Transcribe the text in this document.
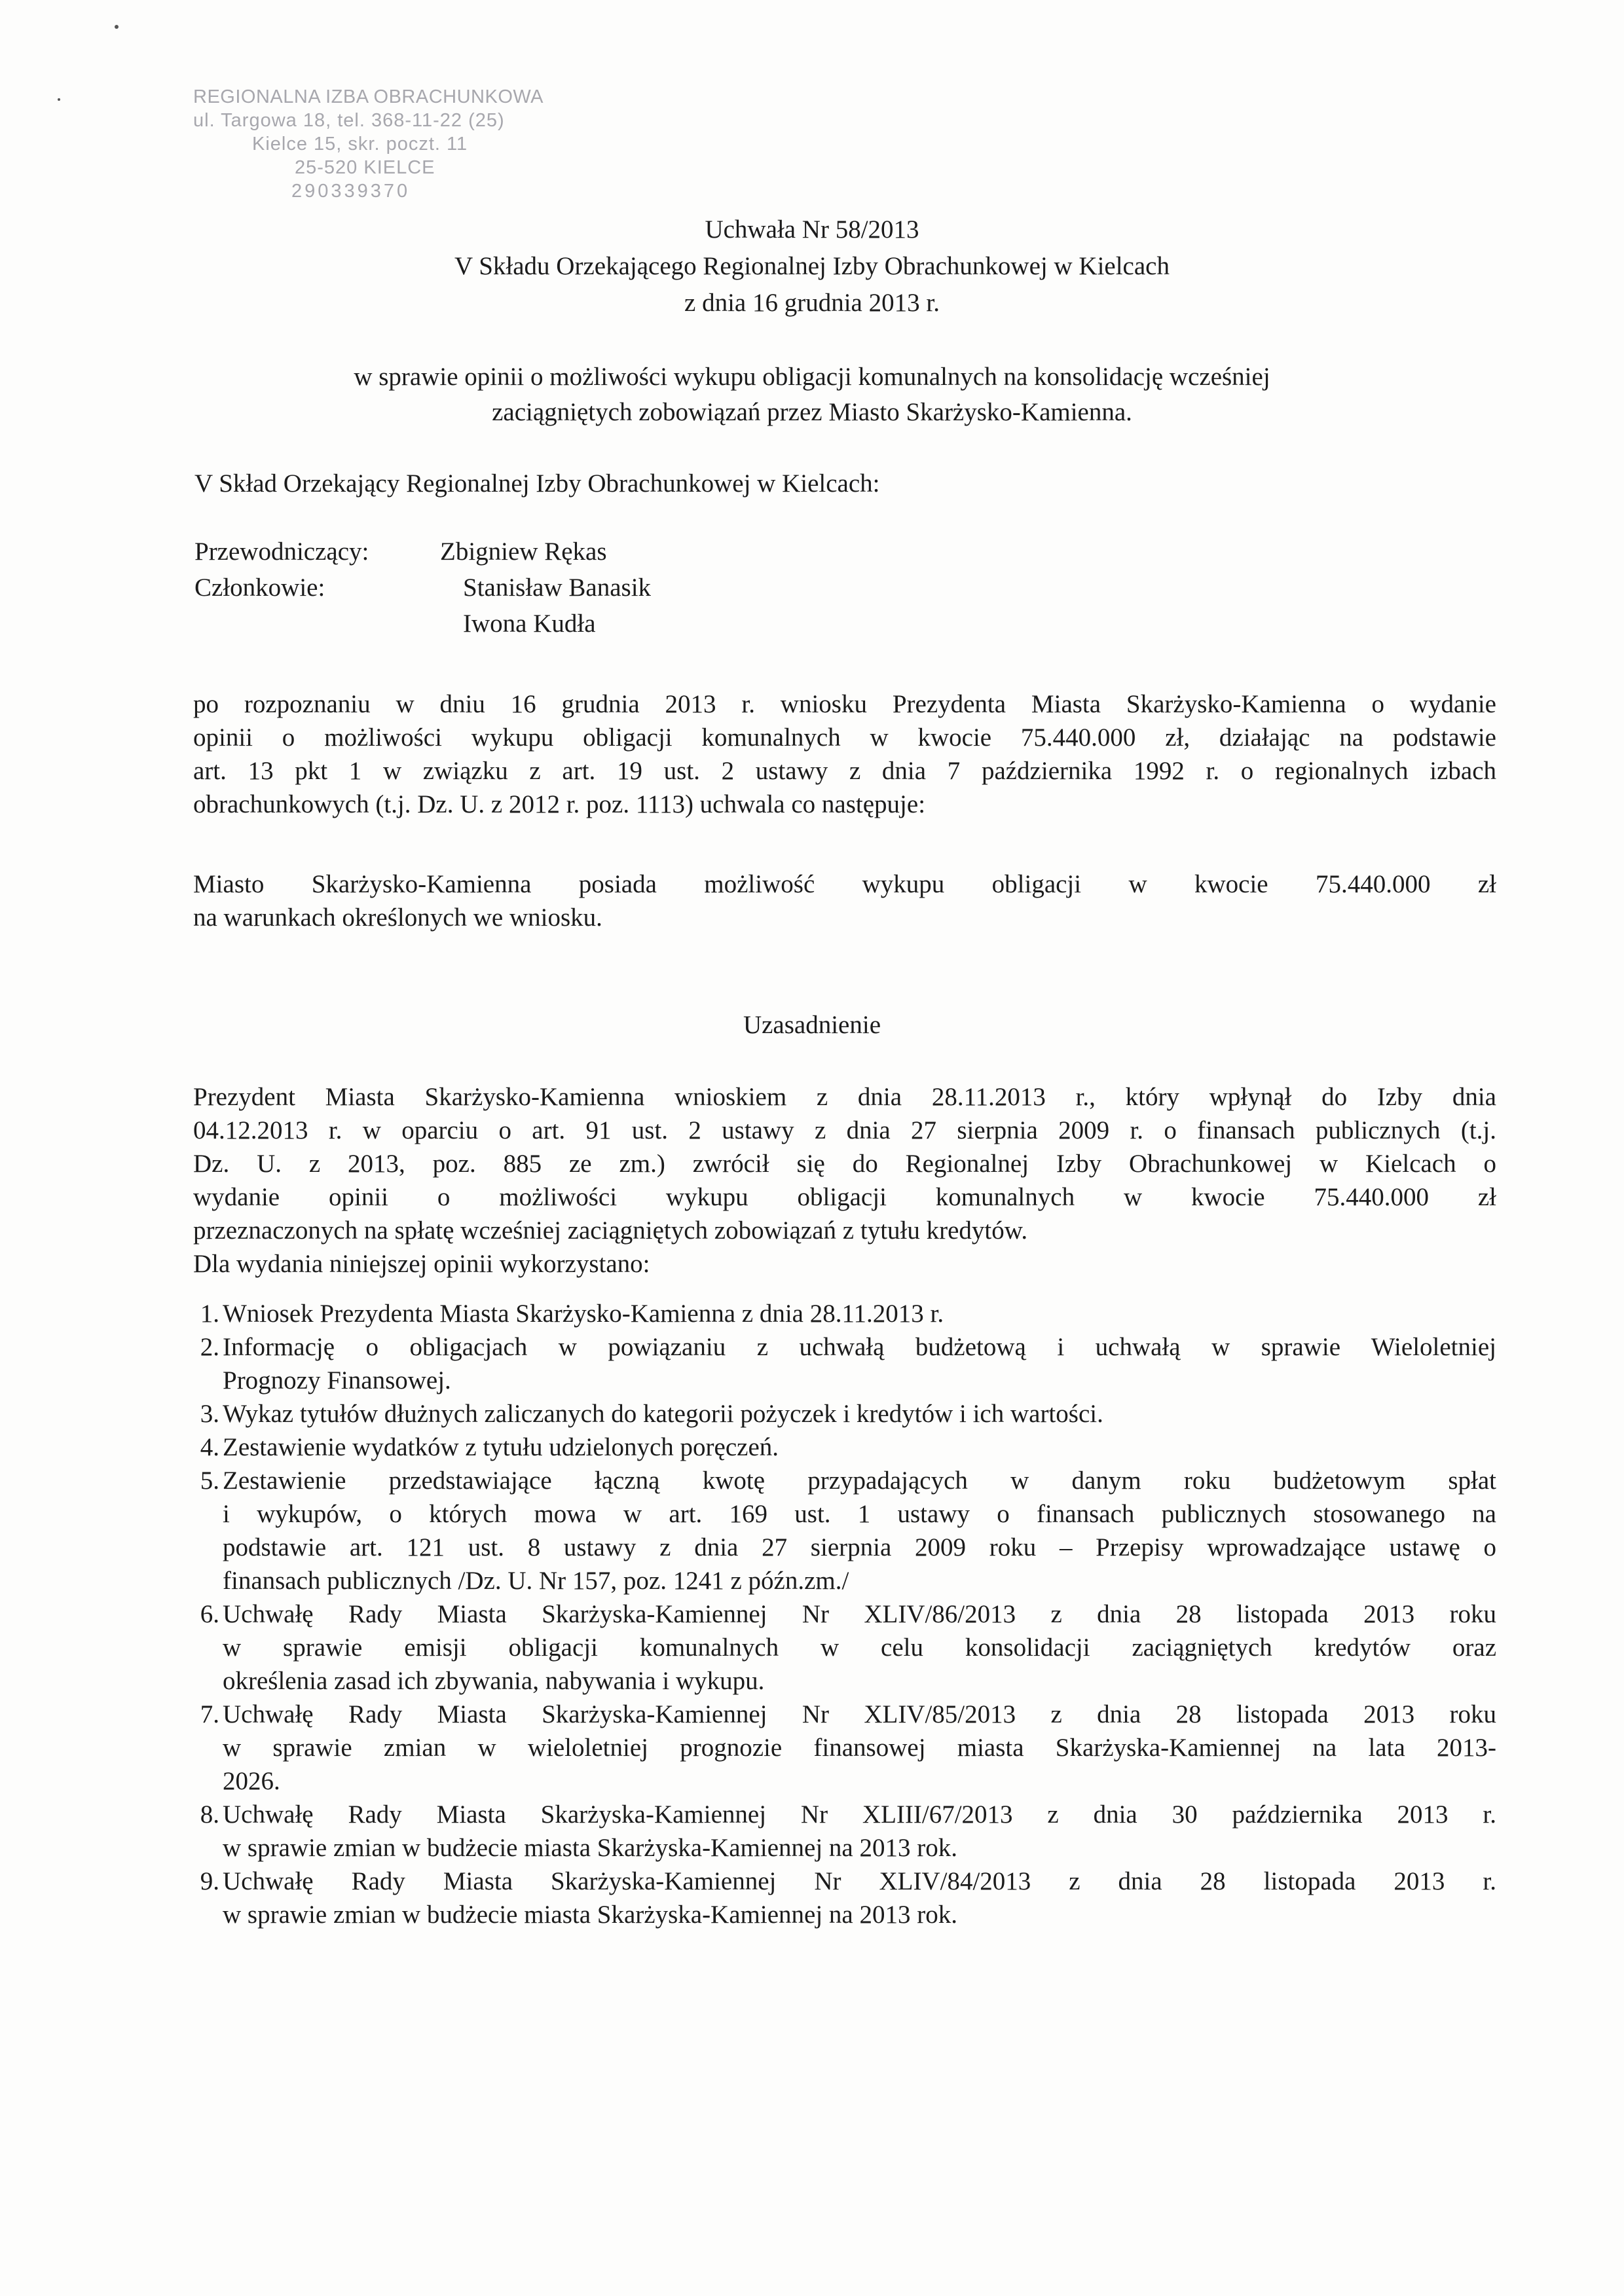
REGIONALNA IZBA OBRACHUNKOWA
ul. Targowa 18, tel. 368-11-22 (25)
Kielce 15, skr. poczt. 11
25-520 KIELCE
290339370
Uchwała Nr 58/2013
V Składu Orzekającego Regionalnej Izby Obrachunkowej w Kielcach
z dnia 16 grudnia 2013 r.
w sprawie opinii o możliwości wykupu obligacji komunalnych na konsolidację wcześniej
zaciągniętych zobowiązań przez Miasto Skarżysko-Kamienna.
V Skład Orzekający Regionalnej Izby Obrachunkowej w Kielcach:
Przewodniczący:	Zbigniew Rękas
Członkowie:	Stanisław Banasik
	Iwona Kudła
po rozpoznaniu w dniu 16 grudnia 2013 r. wniosku Prezydenta Miasta Skarżysko-Kamienna o wydanie
opinii o możliwości wykupu obligacji komunalnych w kwocie 75.440.000 zł, działając na podstawie
art. 13 pkt 1 w związku z art. 19 ust. 2 ustawy z dnia 7 października 1992 r. o regionalnych izbach
obrachunkowych (t.j. Dz. U. z 2012 r. poz. 1113) uchwala co następuje:
Miasto Skarżysko-Kamienna posiada możliwość wykupu obligacji w kwocie 75.440.000 zł
na warunkach określonych we wniosku.
Uzasadnienie
Prezydent Miasta Skarżysko-Kamienna wnioskiem z dnia 28.11.2013 r., który wpłynął do Izby dnia
04.12.2013 r. w oparciu o art. 91 ust. 2 ustawy z dnia 27 sierpnia 2009 r. o finansach publicznych (t.j.
Dz. U. z 2013, poz. 885 ze zm.) zwrócił się do Regionalnej Izby Obrachunkowej w Kielcach o
wydanie opinii o możliwości wykupu obligacji komunalnych w kwocie 75.440.000 zł
przeznaczonych na spłatę wcześniej zaciągniętych zobowiązań z tytułu kredytów.
Dla wydania niniejszej opinii wykorzystano:
1. Wniosek Prezydenta Miasta Skarżysko-Kamienna z dnia 28.11.2013 r.
2. Informację o obligacjach w powiązaniu z uchwałą budżetową i uchwałą w sprawie Wieloletniej
Prognozy Finansowej.
3. Wykaz tytułów dłużnych zaliczanych do kategorii pożyczek i kredytów i ich wartości.
4. Zestawienie wydatków z tytułu udzielonych poręczeń.
5. Zestawienie przedstawiające łączną kwotę przypadających w danym roku budżetowym spłat
i wykupów, o których mowa w art. 169 ust. 1 ustawy o finansach publicznych stosowanego na
podstawie art. 121 ust. 8 ustawy z dnia 27 sierpnia 2009 roku – Przepisy wprowadzające ustawę o
finansach publicznych /Dz. U. Nr 157, poz. 1241 z późn.zm./
6. Uchwałę Rady Miasta Skarżyska-Kamiennej Nr XLIV/86/2013 z dnia 28 listopada 2013 roku
w sprawie emisji obligacji komunalnych w celu konsolidacji zaciągniętych kredytów oraz
określenia zasad ich zbywania, nabywania i wykupu.
7. Uchwałę Rady Miasta Skarżyska-Kamiennej Nr XLIV/85/2013 z dnia 28 listopada 2013 roku
w sprawie zmian w wieloletniej prognozie finansowej miasta Skarżyska-Kamiennej na lata 2013-
2026.
8. Uchwałę Rady Miasta Skarżyska-Kamiennej Nr XLIII/67/2013 z dnia 30 października 2013 r.
w sprawie zmian w budżecie miasta Skarżyska-Kamiennej na 2013 rok.
9. Uchwałę Rady Miasta Skarżyska-Kamiennej Nr XLIV/84/2013 z dnia 28 listopada 2013 r.
w sprawie zmian w budżecie miasta Skarżyska-Kamiennej na 2013 rok.
